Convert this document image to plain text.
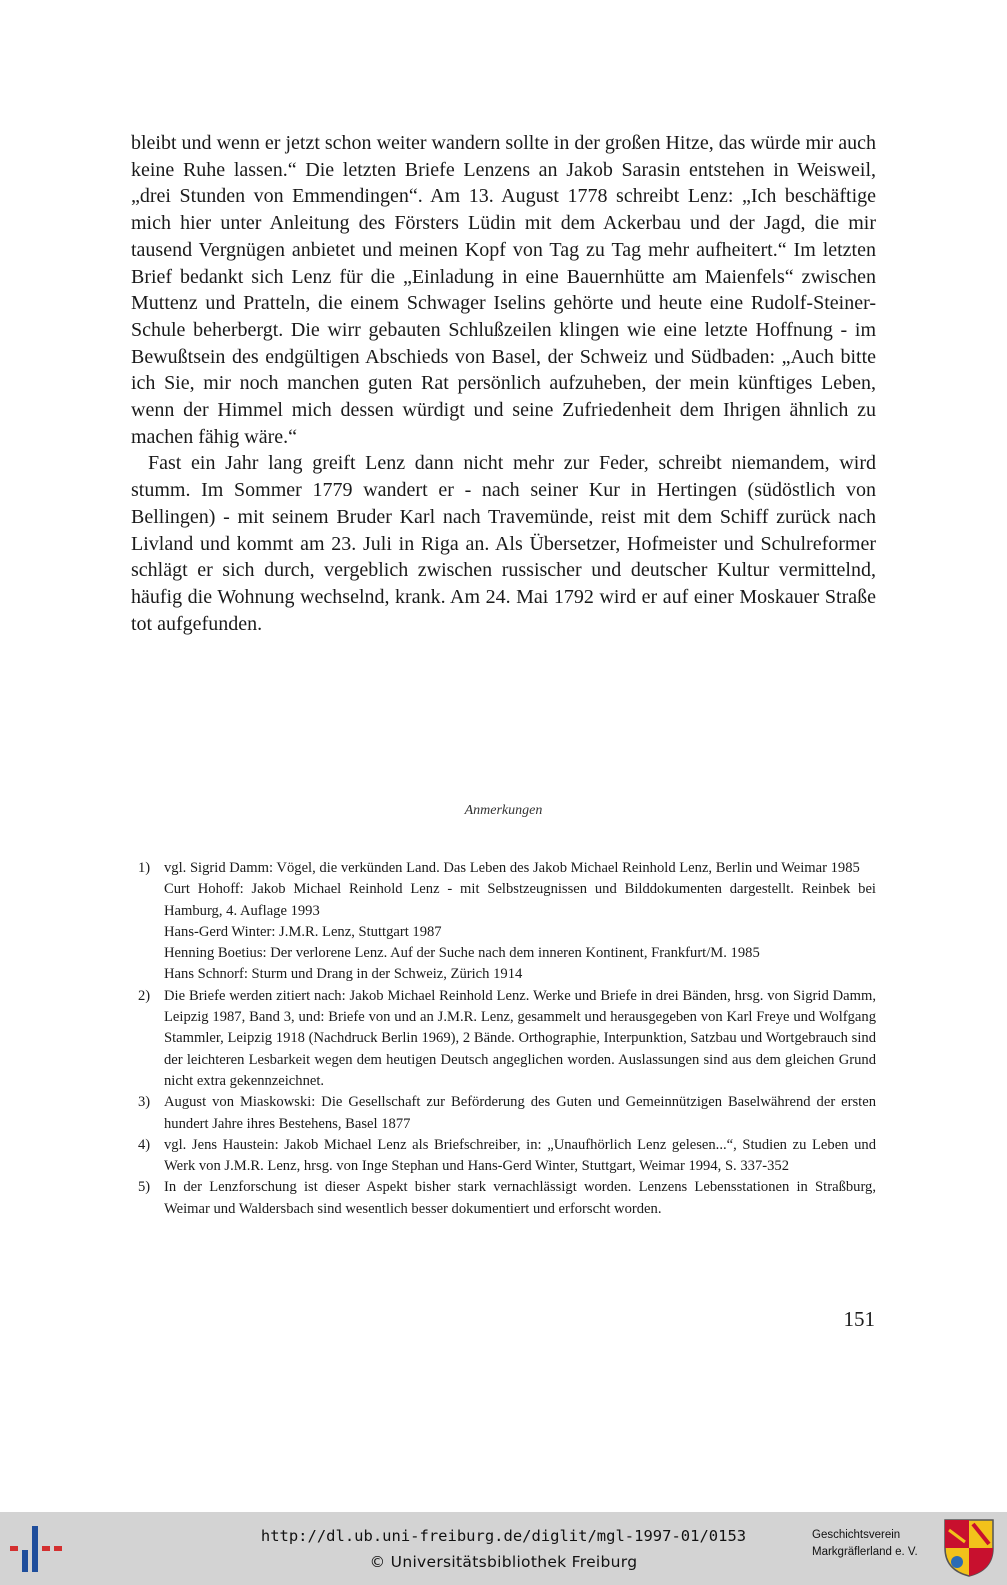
bleibt und wenn er jetzt schon weiter wandern sollte in der großen Hitze, das würde mir auch keine Ruhe lassen.“ Die letzten Briefe Lenzens an Jakob Sarasin entstehen in Weisweil, „drei Stunden von Emmendingen“. Am 13. August 1778 schreibt Lenz: „Ich beschäftige mich hier unter Anleitung des Försters Lüdin mit dem Ackerbau und der Jagd, die mir tausend Vergnügen anbietet und meinen Kopf von Tag zu Tag mehr aufheitert.“ Im letzten Brief bedankt sich Lenz für die „Einladung in eine Bauernhütte am Maienfels“ zwischen Muttenz und Pratteln, die einem Schwager Iselins gehörte und heute eine Rudolf-Steiner-Schule beherbergt. Die wirr gebauten Schlußzeilen klingen wie eine letzte Hoffnung - im Bewußtsein des endgültigen Abschieds von Basel, der Schweiz und Südbaden: „Auch bitte ich Sie, mir noch manchen guten Rat persönlich aufzuheben, der mein künftiges Leben, wenn der Himmel mich dessen würdigt und seine Zufriedenheit dem Ihrigen ähnlich zu machen fähig wäre.“

Fast ein Jahr lang greift Lenz dann nicht mehr zur Feder, schreibt niemandem, wird stumm. Im Sommer 1779 wandert er - nach seiner Kur in Hertingen (südöstlich von Bellingen) - mit seinem Bruder Karl nach Travemünde, reist mit dem Schiff zurück nach Livland und kommt am 23. Juli in Riga an. Als Übersetzer, Hofmeister und Schulreformer schlägt er sich durch, vergeblich zwischen russischer und deutscher Kultur vermittelnd, häufig die Wohnung wechselnd, krank. Am 24. Mai 1792 wird er auf einer Moskauer Straße tot aufgefunden.

Anmerkungen
1) vgl. Sigrid Damm: Vögel, die verkünden Land. Das Leben des Jakob Michael Reinhold Lenz, Berlin und Weimar 1985
Curt Hohoff: Jakob Michael Reinhold Lenz - mit Selbstzeugnissen und Bilddokumenten dargestellt. Reinbek bei Hamburg, 4. Auflage 1993
Hans-Gerd Winter: J.M.R. Lenz, Stuttgart 1987
Henning Boetius: Der verlorene Lenz. Auf der Suche nach dem inneren Kontinent, Frankfurt/M. 1985
Hans Schnorf: Sturm und Drang in der Schweiz, Zürich 1914
2) Die Briefe werden zitiert nach: Jakob Michael Reinhold Lenz. Werke und Briefe in drei Bänden, hrsg. von Sigrid Damm, Leipzig 1987, Band 3, und: Briefe von und an J.M.R. Lenz, gesammelt und herausgegeben von Karl Freye und Wolfgang Stammler, Leipzig 1918 (Nachdruck Berlin 1969), 2 Bände. Orthographie, Interpunktion, Satzbau und Wortgebrauch sind der leichteren Lesbarkeit wegen dem heutigen Deutsch angeglichen worden. Auslassungen sind aus dem gleichen Grund nicht extra gekennzeichnet.
3) August von Miaskowski: Die Gesellschaft zur Beförderung des Guten und Gemeinnützigen Baselwährend der ersten hundert Jahre ihres Bestehens, Basel 1877
4) vgl. Jens Haustein: Jakob Michael Lenz als Briefschreiber, in: „Unaufhörlich Lenz gelesen...“, Studien zu Leben und Werk von J.M.R. Lenz, hrsg. von Inge Stephan und Hans-Gerd Winter, Stuttgart, Weimar 1994, S. 337-352
5) In der Lenzforschung ist dieser Aspekt bisher stark vernachlässigt worden. Lenzens Lebensstationen in Straßburg, Weimar und Waldersbach sind wesentlich besser dokumentiert und erforscht worden.
151
http://dl.ub.uni-freiburg.de/diglit/mgl-1997-01/0153
© Universitätsbibliothek Freiburg
Geschichtsverein
Markgräflerland e. V.
